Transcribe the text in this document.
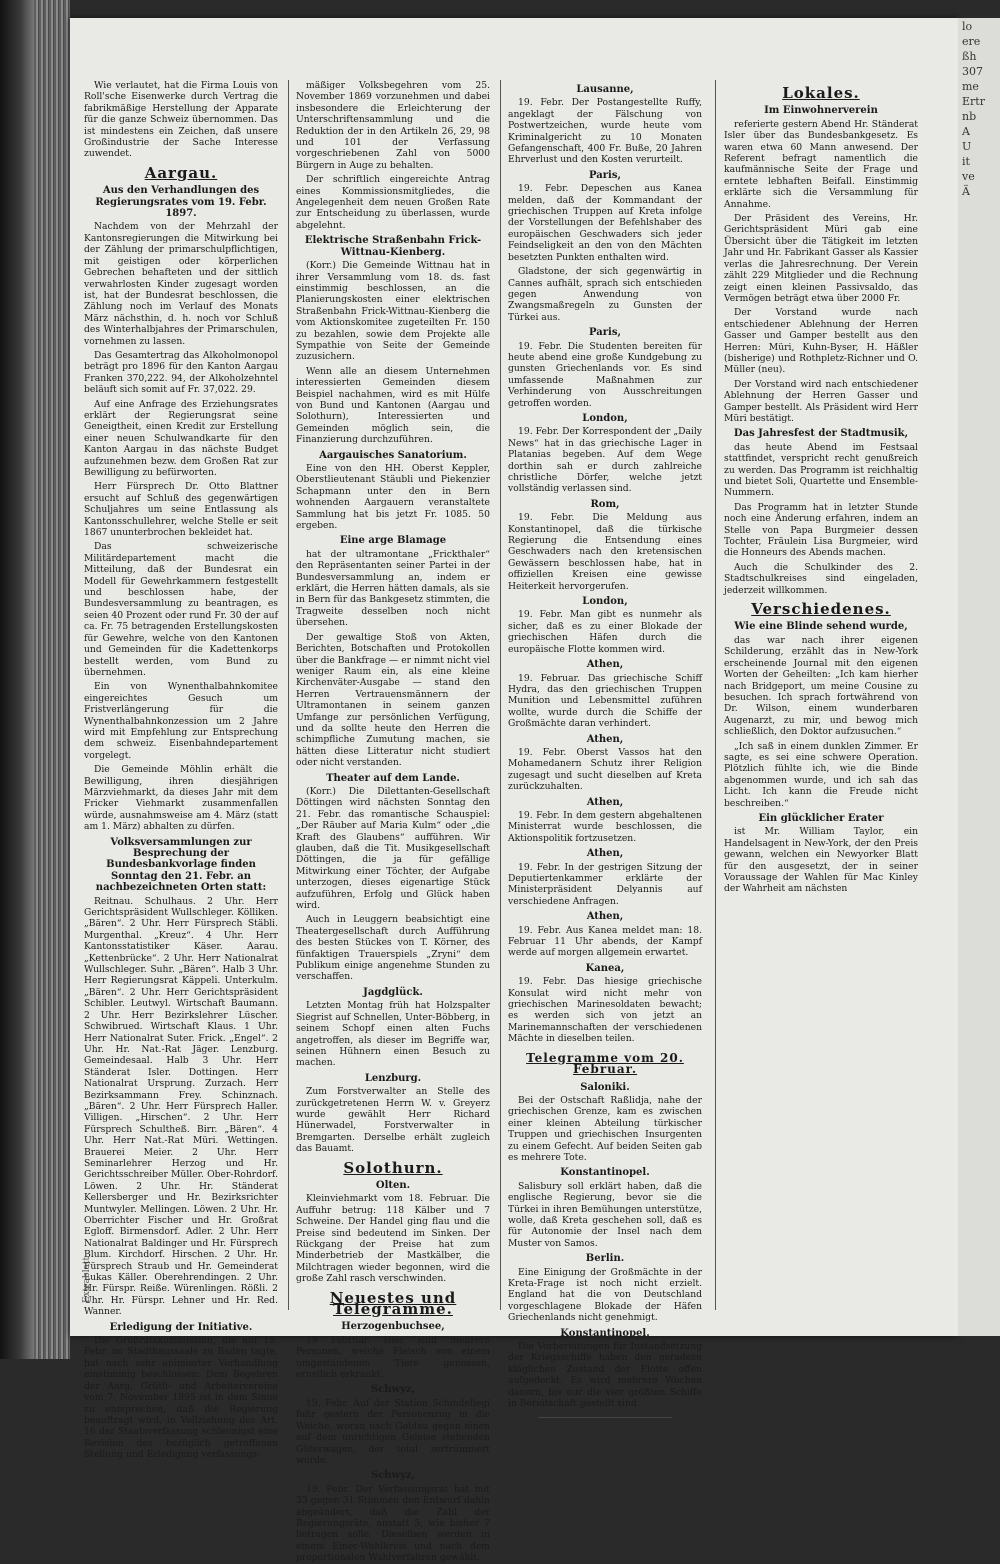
Wie verlautet, hat die Firma Louis von Roll'sche Eisenwerke durch Vertrag die fabrikmäßige Herstellung der Apparate für die ganze Schweiz übernommen. Das ist mindestens ein Zeichen, daß unsere Großindustrie der Sache Interesse zuwendet.

Aargau.
Aus den Verhandlungen des Regierungsrates vom 19. Febr. 1897.

Nachdem von der Mehrzahl der Kantonsregierungen die Mitwirkung bei der Zählung der primarschulpflichtigen, mit geistigen oder körperlichen Gebrechen behafteten und der sittlich verwahrlosten Kinder zugesagt worden ist, hat der Bundesrat beschlossen, die Zählung noch im Verlauf des Monats März nächsthin, d. h. noch vor Schluß des Winterhalbjahres der Primarschulen, vornehmen zu lassen.

Das Gesamtertrag das Alkoholmonopol beträgt pro 1896 für den Kanton Aargau Franken 370,222. 94, der Alkoholzehntel beläuft sich somit auf Fr. 37,022. 29.

Auf eine Anfrage des Erziehungsrates erklärt der Regierungsrat seine Geneigtheit, einen Kredit zur Erstellung einer neuen Schulwandkarte für den Kanton Aargau in das nächste Budget aufzunehmen bezw. dem Großen Rat zur Bewilligung zu befürworten.

Herr Fürsprech Dr. Otto Blattner ersucht auf Schluß des gegenwärtigen Schuljahres um seine Entlassung als Kantonsschullehrer, welche Stelle er seit 1867 ununterbrochen bekleidet hat.

Das schweizerische Militärdepartement macht die Mitteilung, daß der Bundesrat ein Modell für Gewehrkammern festgestellt und beschlossen habe, der Bundesversammlung zu beantragen, es seien 40 Prozent oder rund Fr. 30 der auf ca. Fr. 75 betragenden Erstellungskosten für Gewehre, welche von den Kantonen und Gemeinden für die Kadettenkorps bestellt werden, vom Bund zu übernehmen.

Ein von Wynenthalbahnkomitee eingereichtes Gesuch um Fristverlängerung für die Wynenthalbahnkonzession um 2 Jahre wird mit Empfehlung zur Entsprechung dem schweiz. Eisenbahndepartement vorgelegt.

Die Gemeinde Möhlin erhält die Bewilligung, ihren diesjährigen Märzviehmarkt, da dieses Jahr mit dem Fricker Viehmarkt zusammenfallen würde, ausnahmsweise am 4. März (statt am 1. März) abhalten zu dürfen.

Volksversammlungen zur Besprechung der Bundesbankvorlage finden Sonntag den 21. Febr. an nachbezeichneten Orten statt:

Reitnau. Schulhaus. 2 Uhr. Herr Gerichtspräsident Wullschleger. Kölliken. „Bären“. 2 Uhr. Herr Fürsprech Stäbli. Murgenthal. „Kreuz“. 4 Uhr. Herr Kantonsstatistiker Käser. Aarau. „Kettenbrücke“. 2 Uhr. Herr Nationalrat Wullschleger. Suhr. „Bären“. Halb 3 Uhr. Herr Regierungsrat Käppeli. Unterkulm. „Bären“. 2 Uhr. Herr Gerichtspräsident Schibler. Leutwyl. Wirtschaft Baumann. 2 Uhr. Herr Bezirkslehrer Lüscher. Schwibrued. Wirtschaft Klaus. 1 Uhr. Herr Nationalrat Suter. Frick. „Engel“. 2 Uhr. Hr. Nat.-Rat Jäger. Lenzburg. Gemeindesaal. Halb 3 Uhr. Herr Ständerat Isler. Dottingen. Herr Nationalrat Ursprung. Zurzach. Herr Bezirksammann Frey. Schinznach. „Bären“. 2 Uhr. Herr Fürsprech Haller. Villigen. „Hirschen“. 2 Uhr. Herr Fürsprech Schultheß. Birr. „Bären“. 4 Uhr. Herr Nat.-Rat Müri. Wettingen. Brauerei Meier. 2 Uhr. Herr Seminarlehrer Herzog und Hr. Gerichtsschreiber Müller. Ober-Rohrdorf. Löwen. 2 Uhr. Hr. Ständerat Kellersberger und Hr. Bezirksrichter Muntwyler. Mellingen. Löwen. 2 Uhr. Hr. Oberrichter Fischer und Hr. Großrat Egloff. Birmensdorf. Adler. 2 Uhr. Herr Nationalrat Baldinger und Hr. Fürsprech Blum. Kirchdorf. Hirschen. 2 Uhr. Hr. Fürsprech Straub und Hr. Gemeinderat Lukas Käller. Oberehrendingen. 2 Uhr. Hr. Fürspr. Reiße. Würenlingen. Rößli. 2 Uhr. Hr. Fürspr. Lehner und Hr. Red. Wanner.

Erledigung der Initiative.

Die Großratskommission, die auf 18. Febr. im Stadthaussaale zu Baden tagte, hat nach sehr animierter Verhandlung einstimmig beschlossen: Dem Begehren der Aarg. Grütli- und Arbeitervereine vom 7. November 1895 ist in dem Sinne zu entsprechen, daß die Regierung beauftragt wird, in Vollziehung des Art. 16 der Staatsverfassung schleunigst eine Revision des bezüglich getroffenen Stellung und Erledigung verfassungs-

mäßiger Volksbegehren vom 25. November 1869 vorzunehmen und dabei insbesondere die Erleichterung der Unterschriftensammlung und die Reduktion der in den Artikeln 26, 29, 98 und 101 der Verfassung vorgeschriebenen Zahl von 5000 Bürgern in Auge zu behalten.

Der schriftlich eingereichte Antrag eines Kommissionsmitgliedes, die Angelegenheit dem neuen Großen Rate zur Entscheidung zu überlassen, wurde abgelehnt.

Elektrische Straßenbahn Frick-Wittnau-Kienberg.

(Korr.) Die Gemeinde Wittnau hat in ihrer Versammlung vom 18. ds. fast einstimmig beschlossen, an die Planierungskosten einer elektrischen Straßenbahn Frick-Wittnau-Kienberg die vom Aktionskomitee zugeteilten Fr. 150 zu bezahlen, sowie dem Projekte alle Sympathie von Seite der Gemeinde zuzusichern.

Wenn alle an diesem Unternehmen interessierten Gemeinden diesem Beispiel nachahmen, wird es mit Hülfe von Bund und Kantonen (Aargau und Solothurn), Interessierten und Gemeinden möglich sein, die Finanzierung durchzuführen.

Aargauisches Sanatorium.

Eine von den HH. Oberst Keppler, Oberstlieutenant Stäubli und Piekenzier Schapmann unter den in Bern wohnenden Aargauern veranstaltete Sammlung hat bis jetzt Fr. 1085. 50 ergeben.

Eine arge Blamage

hat der ultramontane „Frickthaler“ den Repräsentanten seiner Partei in der Bundesversammlung an, indem er erklärt, die Herren hätten damals, als sie in Bern für das Bankgesetz stimmten, die Tragweite desselben noch nicht übersehen.

Der gewaltige Stoß von Akten, Berichten, Botschaften und Protokollen über die Bankfrage — er nimmt nicht viel weniger Raum ein, als eine kleine Kirchenväter-Ausgabe — stand den Herren Vertrauensmännern der Ultramontanen in seinem ganzen Umfange zur persönlichen Verfügung, und da sollte heute den Herren die schimpfliche Zumutung machen, sie hätten diese Litteratur nicht studiert oder nicht verstanden.

Theater auf dem Lande.

(Korr.) Die Dilettanten-Gesellschaft Döttingen wird nächsten Sonntag den 21. Febr. das romantische Schauspiel: „Der Räuber auf Maria Kulm“ oder „die Kraft des Glaubens“ aufführen. Wir glauben, daß die Tit. Musikgesellschaft Döttingen, die ja für gefällige Mitwirkung einer Töchter, der Aufgabe unterzogen, dieses eigenartige Stück aufzuführen, Erfolg und Glück haben wird.

Auch in Leuggern beabsichtigt eine Theatergesellschaft durch Aufführung des besten Stückes von T. Körner, des fünfaktigen Trauerspiels „Zryni“ dem Publikum einige angenehme Stunden zu verschaffen.

Jagdglück.

Letzten Montag früh hat Holzspalter Siegrist auf Schnellen, Unter-Böbberg, in seinem Schopf einen alten Fuchs angetroffen, als dieser im Begriffe war, seinen Hühnern einen Besuch zu machen.

Lenzburg.

Zum Forstverwalter an Stelle des zurückgetretenen Herrn W. v. Greyerz wurde gewählt Herr Richard Hünerwadel, Forstverwalter in Bremgarten. Derselbe erhält zugleich das Bauamt.

Solothurn.
Olten.

Kleinviehmarkt vom 18. Februar. Die Auffuhr betrug: 118 Kälber und 7 Schweine. Der Handel ging flau und die Preise sind bedeutend im Sinken. Der Rückgang der Preise hat zum Minderbetrieb der Mastkälber, die Milchtragen wieder begonnen, wird die große Zahl rasch verschwinden.

Neuestes und Telegramme.
Herzogenbuchsee,

19 Februar. Hier sind mehrere Personen, welche Fleisch von einem umgestandenen Tiere genossen, ernstlich erkrankt.

Schwyz,

19. Febr. Auf der Station Schindellegi fuhr gestern der Personenzug in die Weiche, woran nach Goldau gegen einen auf dem unrichtigen Geleise stehenden Güterwagen, der total zertrümmert wurde.

Schwyz,

19. Febr. Der Verfassungsrat hat mit 33 gegen 31 Stimmen den Entwurf dahin abgeändert, daß die Zahl der Regierungsräte, anstatt 5, wie bisher 7 betragen solle. Dieselben werden in einem Einer-Wahlkreis und nach dem proportionalen Wahlverfahren gewählt.

Lausanne,

19. Febr. Der Postangestellte Ruffy, angeklagt der Fälschung von Postwertzeichen, wurde heute vom Kriminalgericht zu 10 Monaten Gefangenschaft, 400 Fr. Buße, 20 Jahren Ehrverlust und den Kosten verurteilt.

Paris,

19. Febr. Depeschen aus Kanea melden, daß der Kommandant der griechischen Truppen auf Kreta infolge der Vorstellungen der Befehlshaber des europäischen Geschwaders sich jeder Feindseligkeit an den von den Mächten besetzten Punkten enthalten wird.

Gladstone, der sich gegenwärtig in Cannes aufhält, sprach sich entschieden gegen Anwendung von Zwangsmaßregeln zu Gunsten der Türkei aus.

Paris,

19. Febr. Die Studenten bereiten für heute abend eine große Kundgebung zu gunsten Griechenlands vor. Es sind umfassende Maßnahmen zur Verhinderung von Ausschreitungen getroffen worden.

London,

19. Febr. Der Korrespondent der „Daily News“ hat in das griechische Lager in Platanias begeben. Auf dem Wege dorthin sah er durch zahlreiche christliche Dörfer, welche jetzt vollständig verlassen sind.

Rom,

19. Febr. Die Meldung aus Konstantinopel, daß die türkische Regierung die Entsendung eines Geschwaders nach den kretensischen Gewässern beschlossen habe, hat in offiziellen Kreisen eine gewisse Heiterkeit hervorgerufen.

London,

19. Febr. Man gibt es nunmehr als sicher, daß es zu einer Blokade der griechischen Häfen durch die europäische Flotte kommen wird.

Athen,

19. Februar. Das griechische Schiff Hydra, das den griechischen Truppen Munition und Lebensmittel zuführen wollte, wurde durch die Schiffe der Großmächte daran verhindert.

Athen,

19. Febr. Oberst Vassos hat den Mohamedanern Schutz ihrer Religion zugesagt und sucht dieselben auf Kreta zurückzuhalten.

Athen,

19. Febr. In dem gestern abgehaltenen Ministerrat wurde beschlossen, die Aktionspolitik fortzusetzen.

Athen,

19. Febr. In der gestrigen Sitzung der Deputiertenkammer erklärte der Ministerpräsident Delyannis auf verschiedene Anfragen.

Athen,

19. Febr. Aus Kanea meldet man: 18. Februar 11 Uhr abends, der Kampf werde auf morgen allgemein erwartet.

Kanea,

19. Febr. Das hiesige griechische Konsulat wird nicht mehr von griechischen Marinesoldaten bewacht; es werden sich von jetzt an Marinemannschaften der verschiedenen Mächte in dieselben teilen.

Telegramme vom 20. Februar.
Saloniki.

Bei der Ostschaft Raßlidja, nahe der griechischen Grenze, kam es zwischen einer kleinen Abteilung türkischer Truppen und griechischen Insurgenten zu einem Gefecht. Auf beiden Seiten gab es mehrere Tote.

Konstantinopel.

Salisbury soll erklärt haben, daß die englische Regierung, bevor sie die Türkei in ihren Bemühungen unterstütze, wolle, daß Kreta geschehen soll, daß es für Autonomie der Insel nach dem Muster von Samos.

Berlin.

Eine Einigung der Großmächte in der Kreta-Frage ist noch nicht erzielt. England hat die von Deutschland vorgeschlagene Blokade der Häfen Griechenlands nicht genehmigt.

Konstantinopel.

Die Vorbereitungen für Instandsetzung der Kriegsschiffe haben den geradezu kläglichen Zustand der Flotte offen aufgedeckt. Es wird mehrere Wochen dauern, bis nur die vier größten Schiffe in Bereitschaft gestellt sind.

Lokales.
Im Einwohnerverein

referierte gestern Abend Hr. Ständerat Isler über das Bundesbankgesetz. Es waren etwa 60 Mann anwesend. Der Referent befragt namentlich die kaufmännische Seite der Frage und erntete lebhaften Beifall. Einstimmig erklärte sich die Versammlung für Annahme.

Der Präsident des Vereins, Hr. Gerichtspräsident Müri gab eine Übersicht über die Tätigkeit im letzten Jahr und Hr. Fabrikant Gasser als Kassier verlas die Jahresrechnung. Der Verein zählt 229 Mitglieder und die Rechnung zeigt einen kleinen Passivsaldo, das Vermögen beträgt etwa über 2000 Fr.

Der Vorstand wurde nach entschiedener Ablehnung der Herren Gasser und Gamper bestellt aus den Herren: Müri, Kuhn-Byser, H. Häßler (bisherige) und Rothpletz-Richner und O. Müller (neu).

Der Vorstand wird nach entschiedener Ablehnung der Herren Gasser und Gamper bestellt. Als Präsident wird Herr Müri bestätigt.

Das Jahresfest der Stadtmusik,

das heute Abend im Festsaal stattfindet, verspricht recht genußreich zu werden. Das Programm ist reichhaltig und bietet Soli, Quartette und Ensemble-Nummern.

Das Programm hat in letzter Stunde noch eine Änderung erfahren, indem an Stelle von Papa Burgmeier dessen Tochter, Fräulein Lisa Burgmeier, wird die Honneurs des Abends machen.

Auch die Schulkinder des 2. Stadtschulkreises sind eingeladen, jederzeit willkommen.

Verschiedenes.
Wie eine Blinde sehend wurde,

das war nach ihrer eigenen Schilderung, erzählt das in New-York erscheinende Journal mit den eigenen Worten der Geheilten: „Ich kam hierher nach Bridgeport, um meine Cousine zu besuchen. Ich sprach fortwährend von Dr. Wilson, einem wunderbaren Augenarzt, zu mir, und bewog mich schließlich, den Doktor aufzusuchen.“

„Ich saß in einem dunklen Zimmer. Er sagte, es sei eine schwere Operation. Plötzlich fühlte ich, wie die Binde abgenommen wurde, und ich sah das Licht. Ich kann die Freude nicht beschreiben.“

Ein glücklicher Erater

ist Mr. William Taylor, ein Handelsagent in New-York, der den Preis gewann, welchen ein Newyorker Blatt für den ausgesetzt, der in seiner Voraussage der Wahlen für Mac Kinley der Wahrheit am nächsten

Extrablatt
lo
ere
ßh
307
me
Ertr
nb
A
U
it
ve
Ä
